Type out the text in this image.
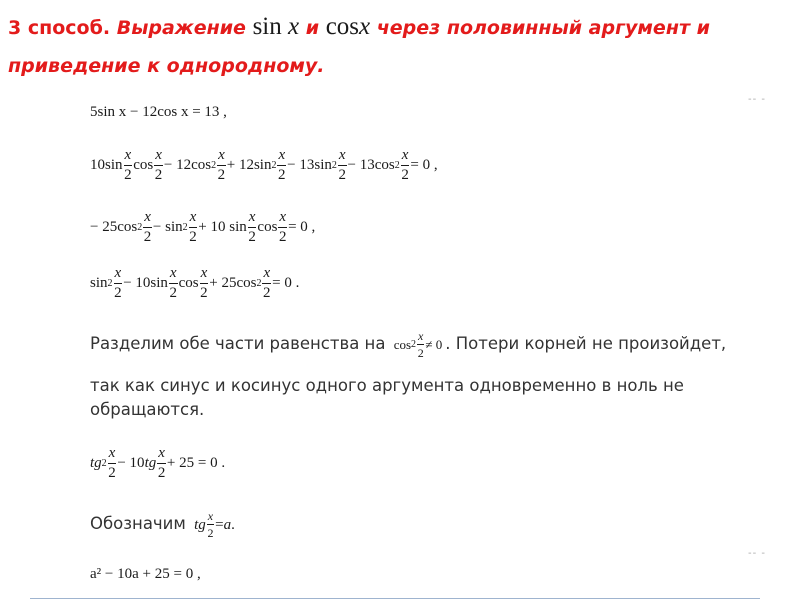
3 способ. Выражение sin x и cosx через половинный аргумент и
приведение к однородному.
5sin x − 12cos x = 13 ,
-- -
$10\sin \frac{x}{2}$ $\cos \frac{x}{2} - 12\cos$ $2 \frac{x}{2} + 12\sin$ $2 \frac{x}{2} - 13\sin$ $2 \frac{x}{2} - 13\cos$ $2 \frac{x}{2} = 0$ ,
− 25cos $2 \frac{x}{2} - \sin 2 \frac{x}{2} + 10$ $\sin \frac{x}{2}$ $\cos \frac{x}{2} = 0$ ,
$\sin 2 \frac{x}{2} - 10\sin \frac{x}{2}$ $\cos \frac{x}{2} + 25\cos$ $2 \frac{x}{2} = 0$ .
Разделим обе части равенства на $\cos 2 \frac{x}{2} \ne 0$ . Потери корней не произойдет,
так как синус и косинус одного аргумента одновременно в ноль не
обращаются.
tg $2 \frac{x}{2} - 10$ tg $\frac{x}{2} + 25 = 0$ .
Обозначим tg $\frac{x}{2} = a$ .
a² − 10a + 25 = 0 ,
-- -
